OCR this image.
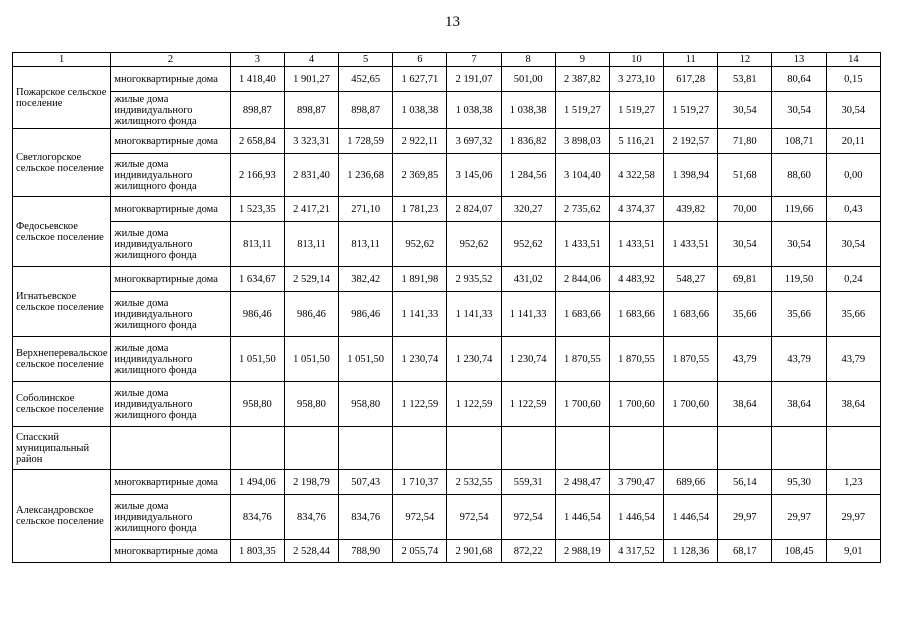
13
1	2	3	4	5	6	7	8	9	10	11	12	13	14
Пожарское сельское поселение	многоквартирные дома	1 418,40	1 901,27	452,65	1 627,71	2 191,07	501,00	2 387,82	3 273,10	617,28	53,81	80,64	0,15
	жилые дома индивидуального жилищного фонда	898,87	898,87	898,87	1 038,38	1 038,38	1 038,38	1 519,27	1 519,27	1 519,27	30,54	30,54	30,54
Светлогорское сельское поселение	многоквартирные дома	2 658,84	3 323,31	1 728,59	2 922,11	3 697,32	1 836,82	3 898,03	5 116,21	2 192,57	71,80	108,71	20,11
	жилые дома индивидуального жилищного фонда	2 166,93	2 831,40	1 236,68	2 369,85	3 145,06	1 284,56	3 104,40	4 322,58	1 398,94	51,68	88,60	0,00
Федосьевское сельское поселение	многоквартирные дома	1 523,35	2 417,21	271,10	1 781,23	2 824,07	320,27	2 735,62	4 374,37	439,82	70,00	119,66	0,43
	жилые дома индивидуального жилищного фонда	813,11	813,11	813,11	952,62	952,62	952,62	1 433,51	1 433,51	1 433,51	30,54	30,54	30,54
Игнатьевское сельское поселение	многоквартирные дома	1 634,67	2 529,14	382,42	1 891,98	2 935,52	431,02	2 844,06	4 483,92	548,27	69,81	119,50	0,24
	жилые дома индивидуального жилищного фонда	986,46	986,46	986,46	1 141,33	1 141,33	1 141,33	1 683,66	1 683,66	1 683,66	35,66	35,66	35,66
Верхнеперевальское сельское поселение	жилые дома индивидуального жилищного фонда	1 051,50	1 051,50	1 051,50	1 230,74	1 230,74	1 230,74	1 870,55	1 870,55	1 870,55	43,79	43,79	43,79
Соболинское сельское поселение	жилые дома индивидуального жилищного фонда	958,80	958,80	958,80	1 122,59	1 122,59	1 122,59	1 700,60	1 700,60	1 700,60	38,64	38,64	38,64
Спасский муниципальный район													
Александровское сельское поселение	многоквартирные дома	1 494,06	2 198,79	507,43	1 710,37	2 532,55	559,31	2 498,47	3 790,47	689,66	56,14	95,30	1,23
	жилые дома индивидуального жилищного фонда	834,76	834,76	834,76	972,54	972,54	972,54	1 446,54	1 446,54	1 446,54	29,97	29,97	29,97
	многоквартирные дома	1 803,35	2 528,44	788,90	2 055,74	2 901,68	872,22	2 988,19	4 317,52	1 128,36	68,17	108,45	9,01
